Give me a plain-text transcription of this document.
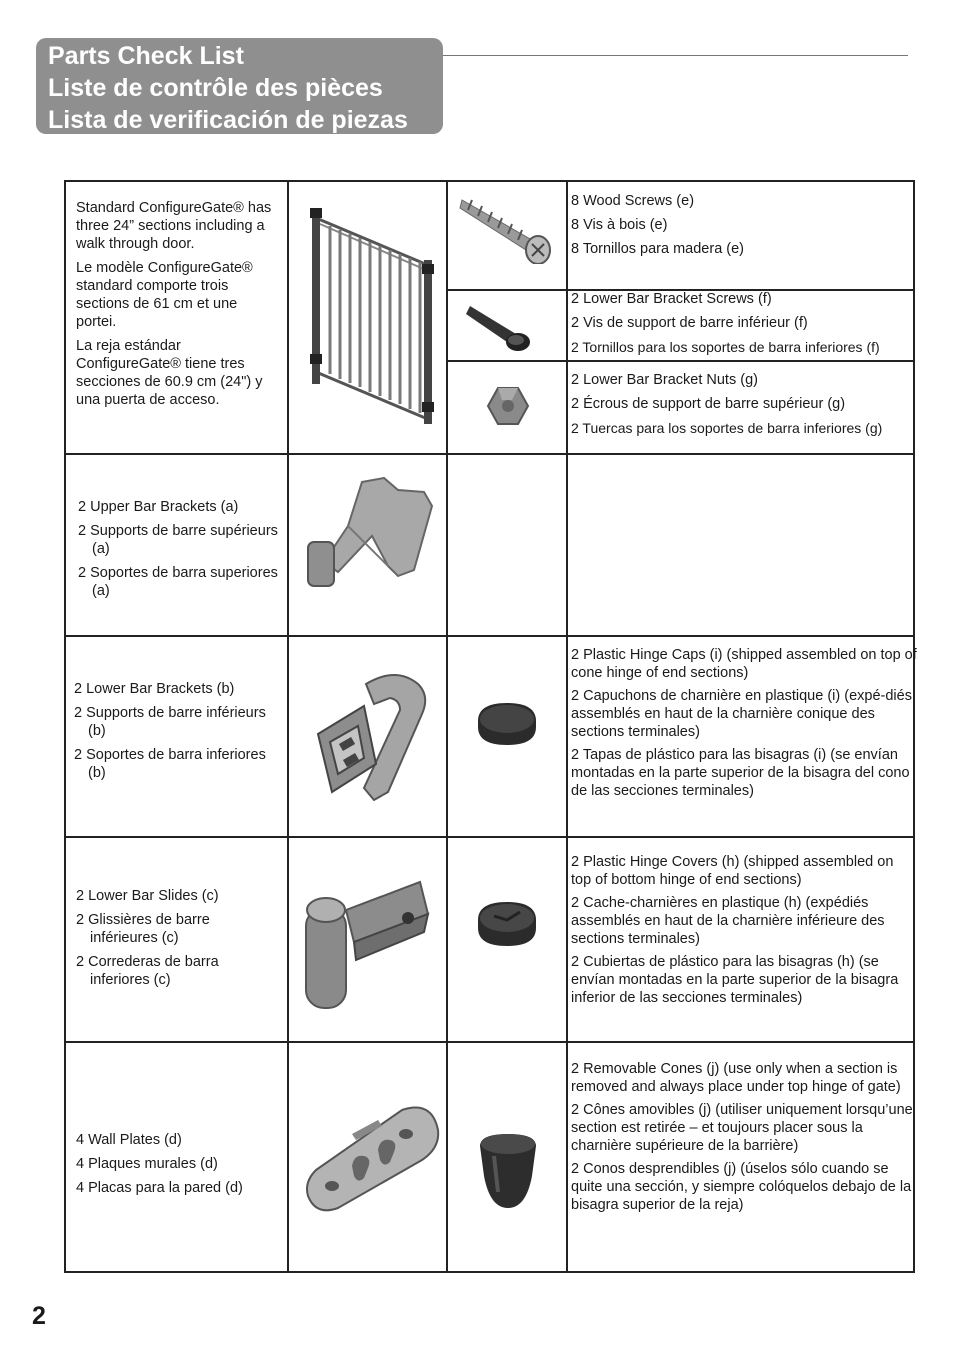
Parts Check List
Liste de contrôle des pièces
Lista de verificación de piezas

Standard ConfigureGate® has three 24” sections including a walk through door.

Le modèle ConfigureGate® standard comporte trois sections de 61 cm et une portei.

La reja estándar ConfigureGate® tiene tres secciones de 60.9 cm (24") y una puerta de acceso.

8 Wood Screws (e)

8 Vis à bois (e)

8 Tornillos para madera (e)

2 Lower Bar Bracket Screws (f)

2 Vis de support de barre inférieur (f)

2 Tornillos para los soportes de barra inferiores (f)

2 Lower Bar Bracket Nuts (g)

2 Écrous de support de barre supérieur (g)

2 Tuercas para los soportes de barra inferiores (g)

2 Upper Bar Brackets (a)

2 Supports de barre supérieurs (a)

2 Soportes de barra superiores (a)

2 Lower Bar Brackets (b)

2 Supports de barre inférieurs (b)

2 Soportes de barra inferiores (b)

2 Plastic Hinge Caps (i) (shipped assembled on top of cone hinge of end sections)

2 Capuchons de charnière en plastique (i) (expé-diés assemblés en haut de la charnière conique des sections terminales)

2 Tapas de plástico para las bisagras (i) (se envían montadas en la parte superior de la bisagra del cono de las secciones terminales)

2 Lower Bar Slides (c)

2 Glissières de barre inférieures (c)

2 Correderas de barra inferiores (c)

2 Plastic Hinge Covers (h) (shipped assembled on top of bottom hinge of end sections)

2 Cache-charnières en plastique (h) (expédiés assemblés en haut de la charnière inférieure des sections terminales)

2 Cubiertas de plástico para las bisagras (h) (se envían montadas en la parte superior de la bisagra inferior de las secciones terminales)

4 Wall Plates (d)

4 Plaques murales (d)

4 Placas para la pared (d)

2 Removable Cones (j) (use only when a section is removed and always place under top hinge of gate)

2 Cônes amovibles (j) (utiliser uniquement lorsqu’une section est retirée – et toujours placer sous la charnière supérieure de la barrière)

2 Conos desprendibles (j) (úselos sólo cuando se quite una sección, y siempre colóquelos debajo de la bisagra superior de la reja)

2
